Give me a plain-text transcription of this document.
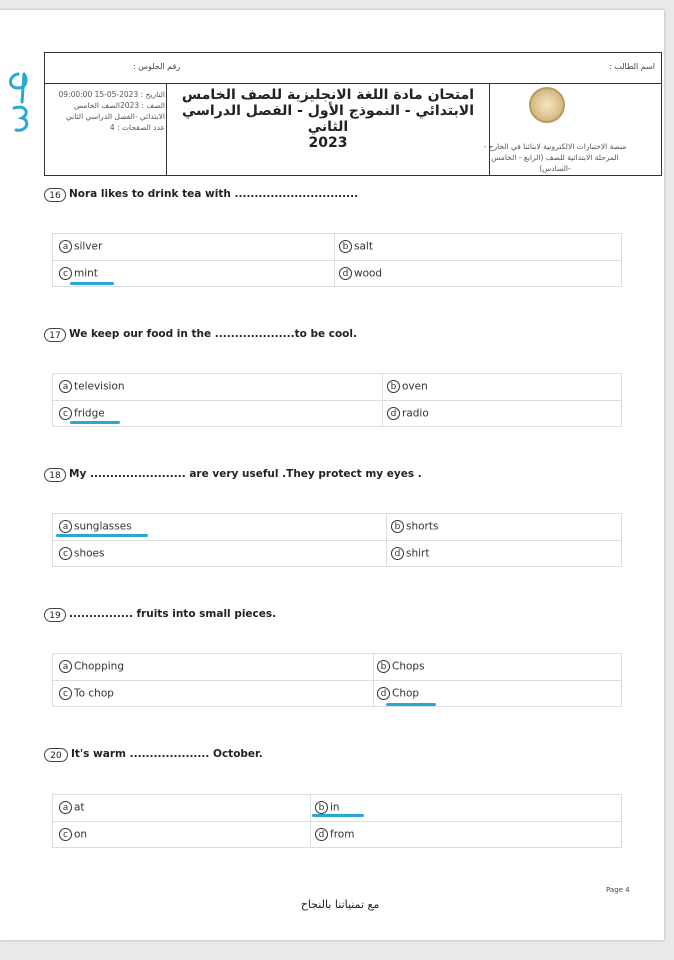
اسم الطالب :
رقم الجلوس :
التاريخ : 2023-05-15 09:00:00
الصف : 2023الصف الخامس
الابتدائي -الفصل الدراسي الثاني
عدد الصفحات : 4
امتحان مادة اللغة الانجليزية للصف الخامس
الابتدائي - النموذج الأول - الفصل الدراسي الثاني
2023	منصة الاختبارات الالكترونية لابنائنا في الخارج -
المرحلة الابتدائية للصف (الرابع - الخامس
-السادس)
16 Nora likes to drink tea with ...............................
a silver	b salt
c mint	d wood
17 We keep our food in the ....................to be cool.
a television	b oven
c fridge	d radio
18 My ........................ are very useful .They protect my eyes .
a sunglasses	b shorts
c shoes	d shirt
19 ................ fruits into small pieces.
a Chopping	b Chops
c To chop	d Chop
20 It's warm .................... October.
a at	b in
c on	d from
Page 4
مع تمنياتنا بالنجاح
